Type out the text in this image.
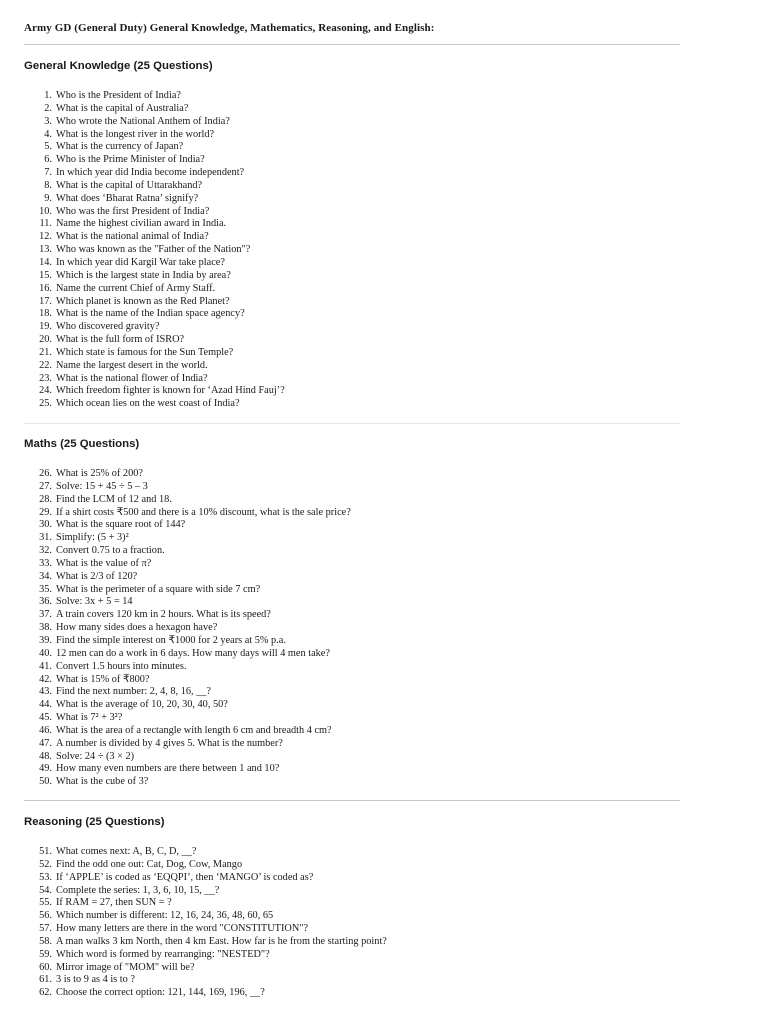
Army GD (General Duty) General Knowledge, Mathematics, Reasoning, and English:
General Knowledge (25 Questions)
1. Who is the President of India?
2. What is the capital of Australia?
3. Who wrote the National Anthem of India?
4. What is the longest river in the world?
5. What is the currency of Japan?
6. Who is the Prime Minister of India?
7. In which year did India become independent?
8. What is the capital of Uttarakhand?
9. What does ‘Bharat Ratna’ signify?
10. Who was the first President of India?
11. Name the highest civilian award in India.
12. What is the national animal of India?
13. Who was known as the "Father of the Nation"?
14. In which year did Kargil War take place?
15. Which is the largest state in India by area?
16. Name the current Chief of Army Staff.
17. Which planet is known as the Red Planet?
18. What is the name of the Indian space agency?
19. Who discovered gravity?
20. What is the full form of ISRO?
21. Which state is famous for the Sun Temple?
22. Name the largest desert in the world.
23. What is the national flower of India?
24. Which freedom fighter is known for ‘Azad Hind Fauj’?
25. Which ocean lies on the west coast of India?
Maths (25 Questions)
26. What is 25% of 200?
27. Solve: 15 + 45 ÷ 5 – 3
28. Find the LCM of 12 and 18.
29. If a shirt costs ₹500 and there is a 10% discount, what is the sale price?
30. What is the square root of 144?
31. Simplify: (5 + 3)²
32. Convert 0.75 to a fraction.
33. What is the value of π?
34. What is 2/3 of 120?
35. What is the perimeter of a square with side 7 cm?
36. Solve: 3x + 5 = 14
37. A train covers 120 km in 2 hours. What is its speed?
38. How many sides does a hexagon have?
39. Find the simple interest on ₹1000 for 2 years at 5% p.a.
40. 12 men can do a work in 6 days. How many days will 4 men take?
41. Convert 1.5 hours into minutes.
42. What is 15% of ₹800?
43. Find the next number: 2, 4, 8, 16, __?
44. What is the average of 10, 20, 30, 40, 50?
45. What is 7² + 3²?
46. What is the area of a rectangle with length 6 cm and breadth 4 cm?
47. A number is divided by 4 gives 5. What is the number?
48. Solve: 24 ÷ (3 × 2)
49. How many even numbers are there between 1 and 10?
50. What is the cube of 3?
Reasoning (25 Questions)
51. What comes next: A, B, C, D, __?
52. Find the odd one out: Cat, Dog, Cow, Mango
53. If ‘APPLE’ is coded as ‘EQQPI’, then ‘MANGO’ is coded as?
54. Complete the series: 1, 3, 6, 10, 15, __?
55. If RAM = 27, then SUN = ?
56. Which number is different: 12, 16, 24, 36, 48, 60, 65
57. How many letters are there in the word "CONSTITUTION"?
58. A man walks 3 km North, then 4 km East. How far is he from the starting point?
59. Which word is formed by rearranging: "NESTED"?
60. Mirror image of "MOM" will be?
61. 3 is to 9 as 4 is to ?
62. Choose the correct option: 121, 144, 169, 196, __?
